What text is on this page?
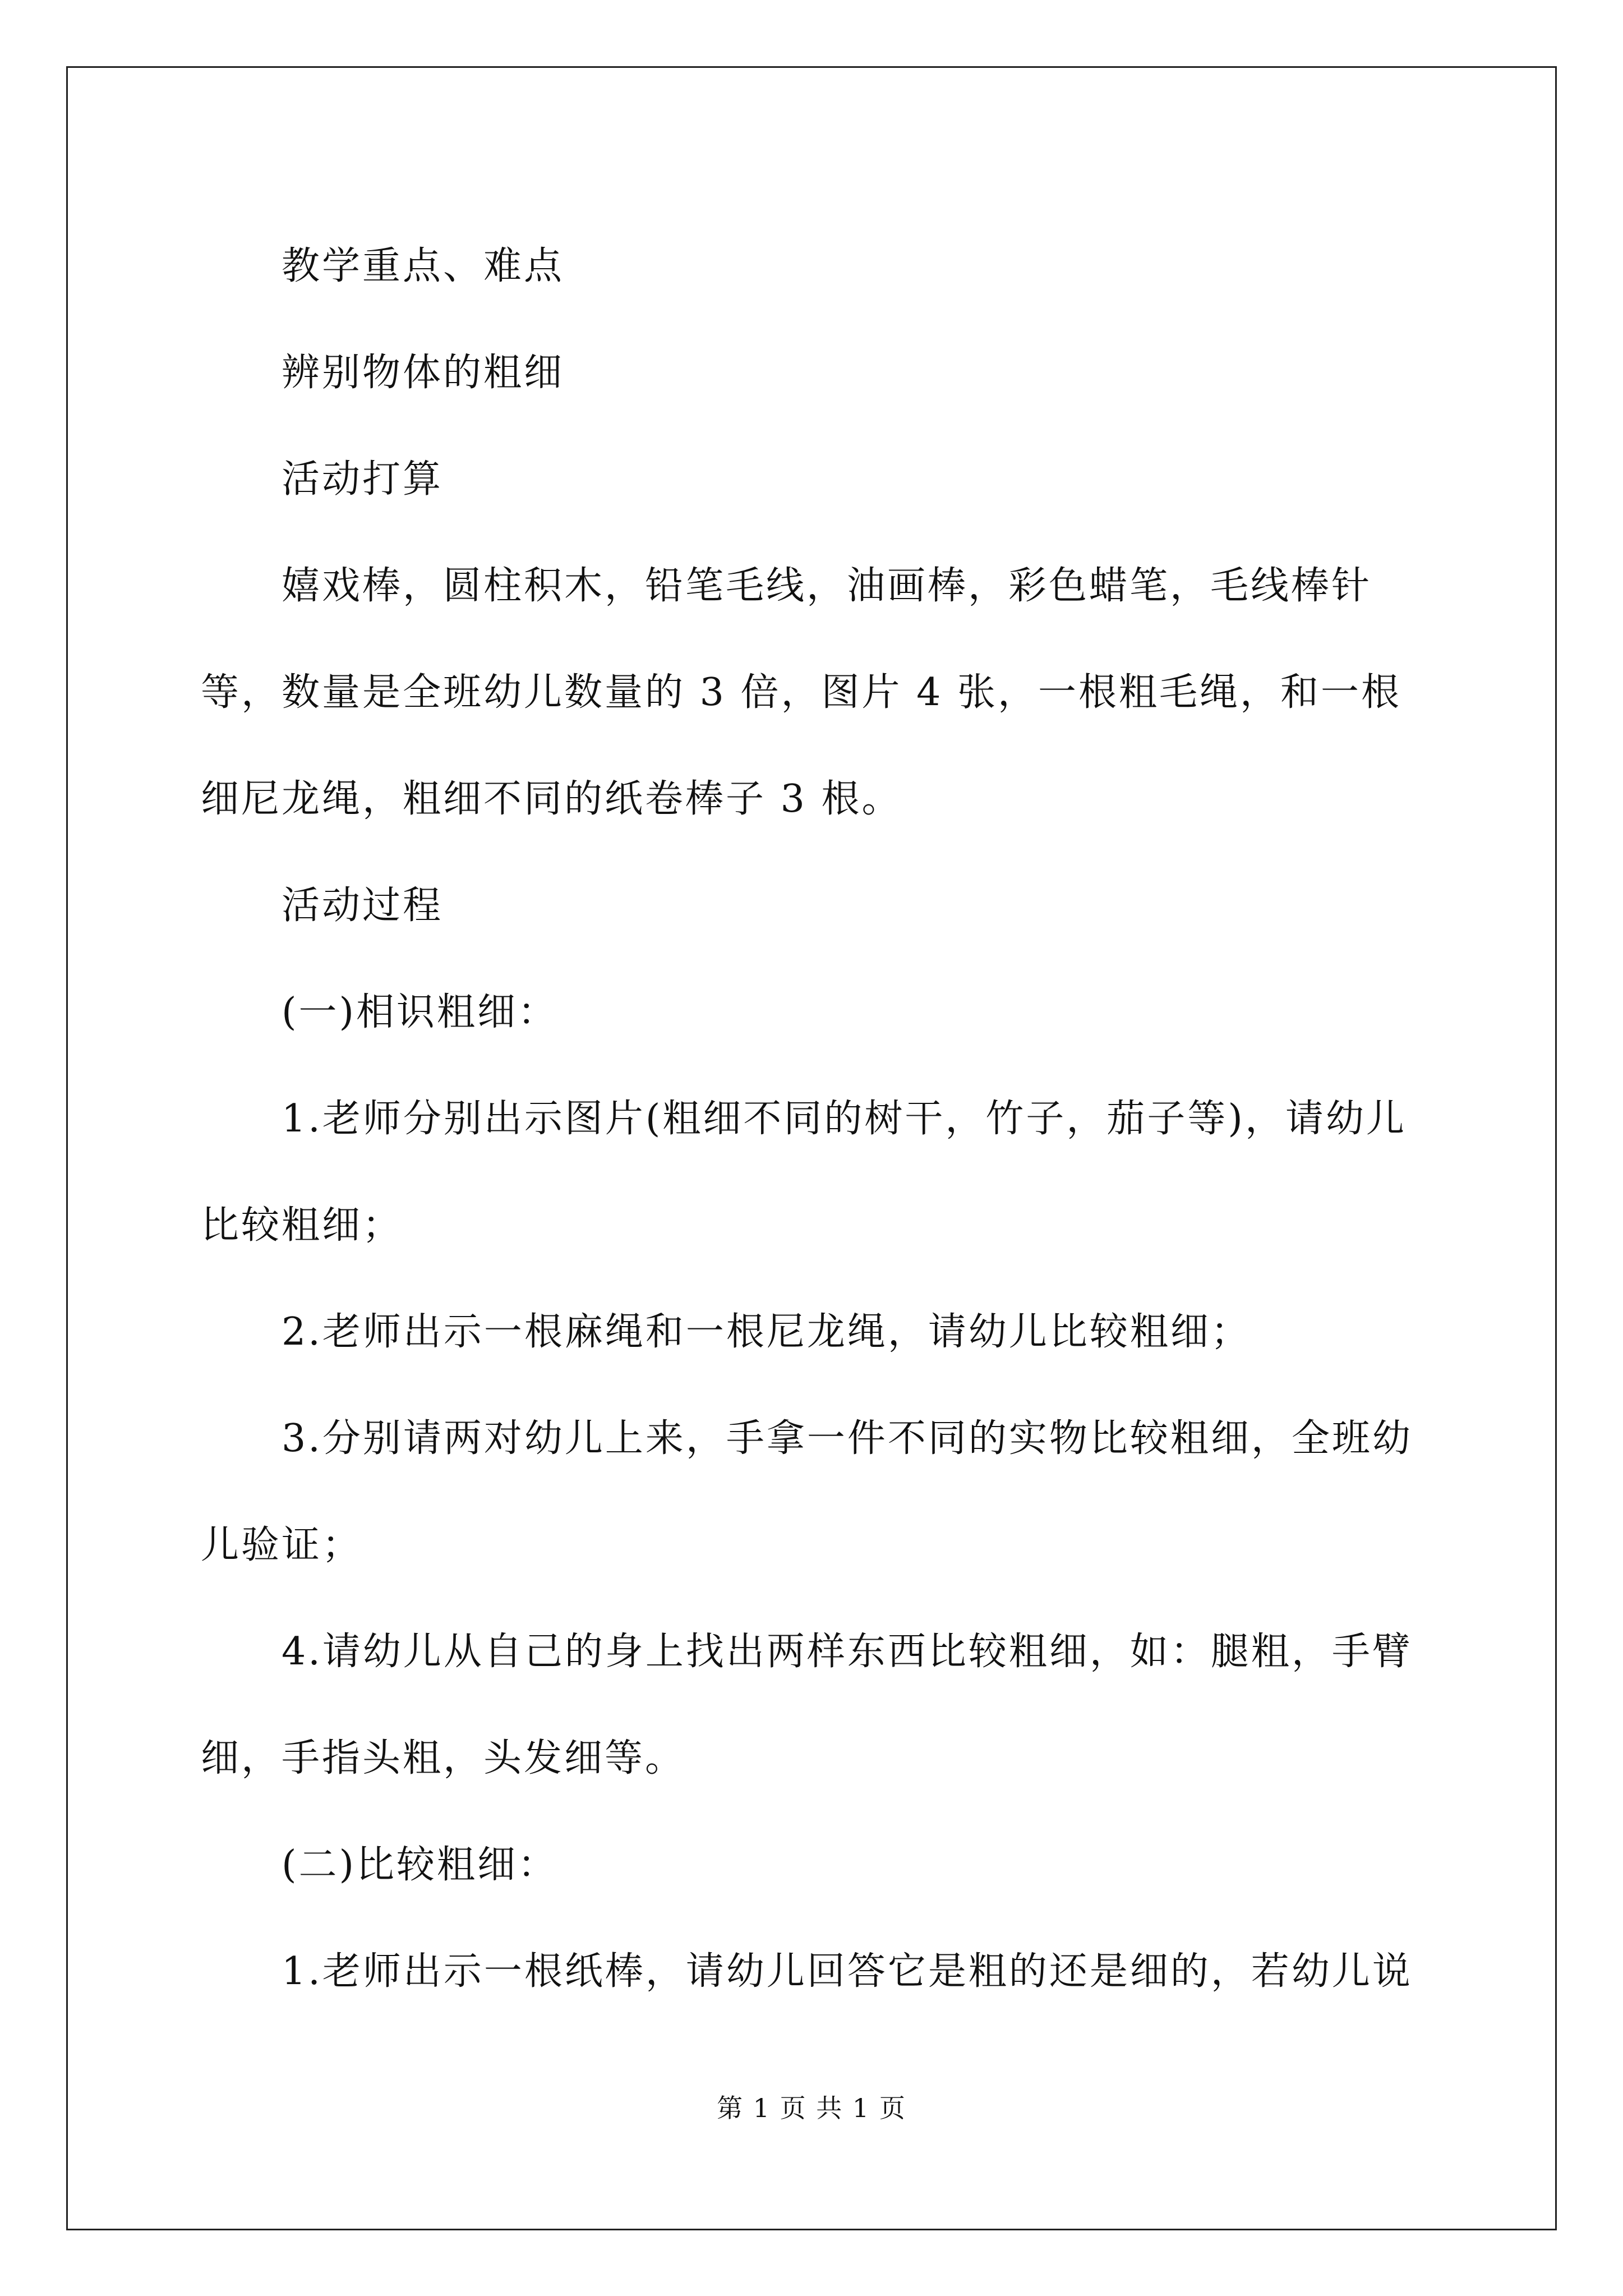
教学重点、难点

辨别物体的粗细

活动打算

嬉戏棒，圆柱积木，铅笔毛线，油画棒，彩色蜡笔，毛线棒针等，数量是全班幼儿数量的 3 倍，图片 4 张，一根粗毛绳，和一根细尼龙绳，粗细不同的纸卷棒子 3 根。

活动过程

(一)相识粗细：

1.老师分别出示图片(粗细不同的树干，竹子，茄子等)，请幼儿比较粗细；

2.老师出示一根麻绳和一根尼龙绳，请幼儿比较粗细；

3.分别请两对幼儿上来，手拿一件不同的实物比较粗细，全班幼儿验证；

4.请幼儿从自己的身上找出两样东西比较粗细，如：腿粗，手臂细，手指头粗，头发细等。

(二)比较粗细：

1.老师出示一根纸棒，请幼儿回答它是粗的还是细的，若幼儿说

第 1 页 共 1 页
